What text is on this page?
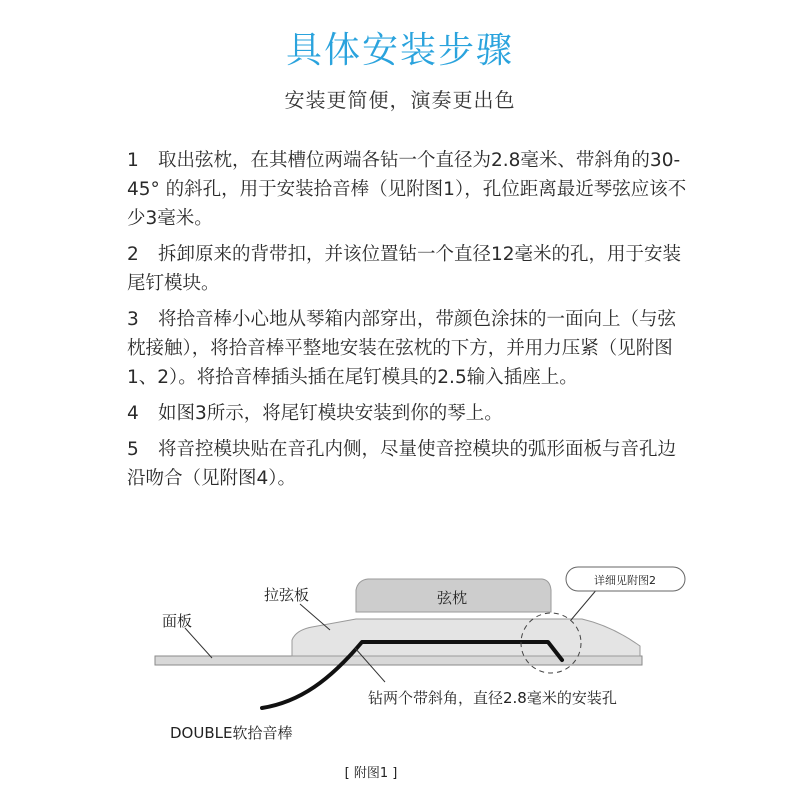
具体安装步骤
安装更简便，演奏更出色
1 取出弦枕，在其槽位两端各钻一个直径为2.8毫米、带斜角的30-45° 的斜孔，用于安装拾音棒（见附图1），孔位距离最近琴弦应该不少3毫米。
2 拆卸原来的背带扣，并该位置钻一个直径12毫米的孔，用于安装尾钉模块。
3 将拾音棒小心地从琴箱内部穿出，带颜色涂抹的一面向上（与弦枕接触），将拾音棒平整地安装在弦枕的下方，并用力压紧（见附图1、2）。将拾音棒插头插在尾钉模具的2.5输入插座上。
4 如图3所示，将尾钉模块安装到你的琴上。
5 将音控模块贴在音孔内侧，尽量使音控模块的弧形面板与音孔边沿吻合（见附图4）。
弦枕
拉弦板
面板
详细见附图2
钻两个带斜角，直径2.8毫米的安装孔
DOUBLE软拾音棒
[ 附图1 ]
